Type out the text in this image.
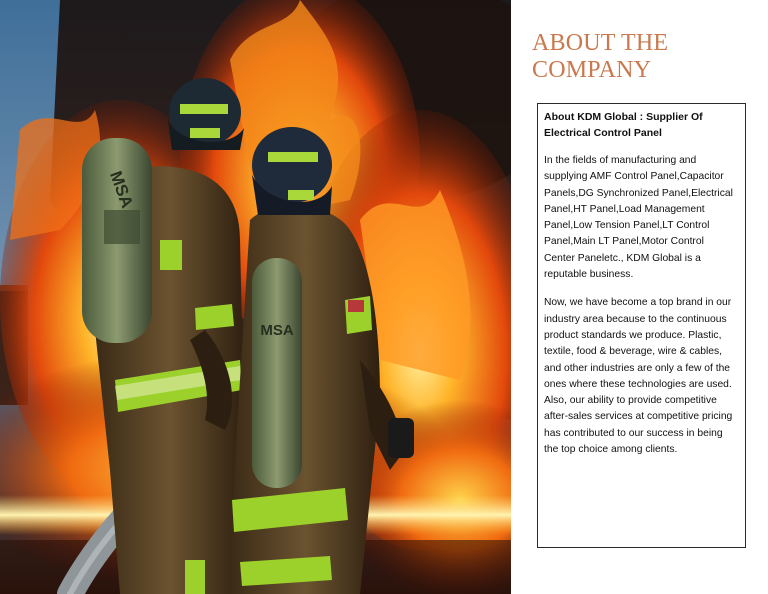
MSA
MSA
ABOUT THE
COMPANY

About KDM Global : Supplier Of Electrical Control Panel

In the fields of manufacturing and supplying AMF Control Panel,Capacitor Panels,DG Synchronized Panel,Electrical Panel,HT Panel,Load Management Panel,Low Tension Panel,LT Control Panel,Main LT Panel,Motor Control Center Paneletc., KDM Global is a reputable business.

Now, we have become a top brand in our industry area because to the continuous product standards we produce. Plastic, textile, food & beverage, wire & cables, and other industries are only a few of the ones where these technologies are used. Also, our ability to provide competitive after-sales services at competitive pricing has contributed to our success in being the top choice among clients.
